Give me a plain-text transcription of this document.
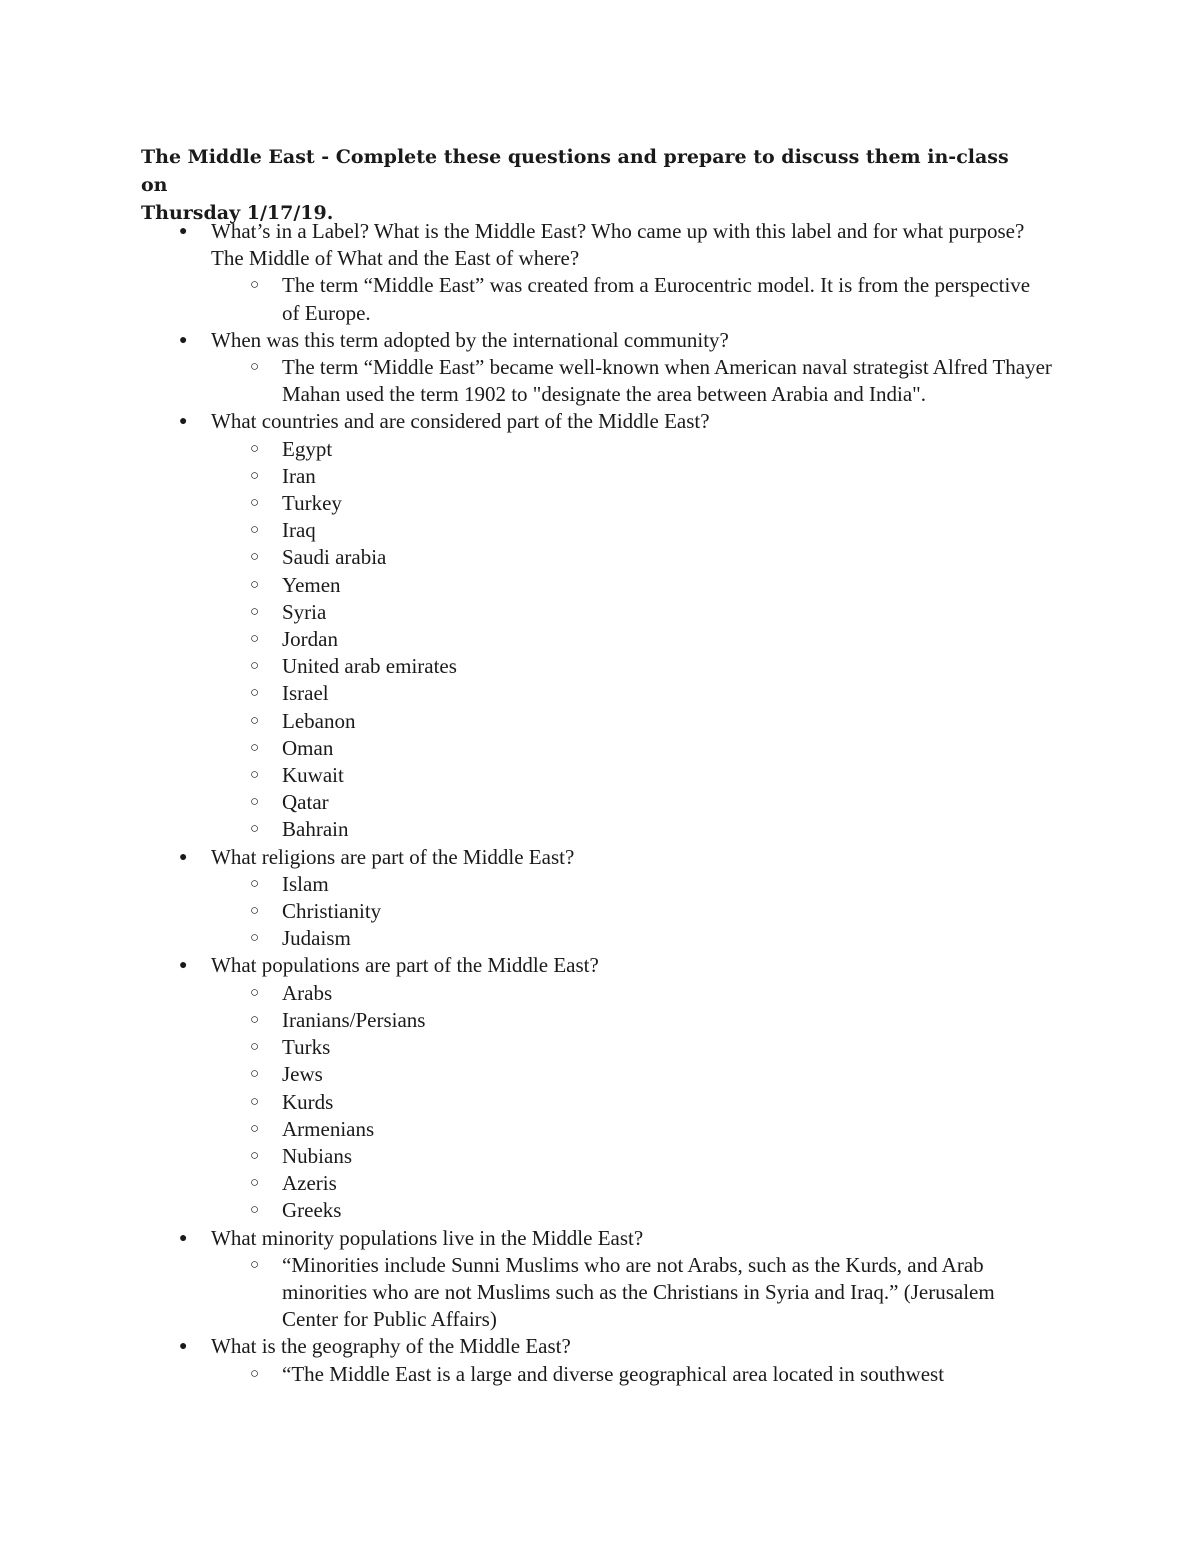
The Middle East - Complete these questions and prepare to discuss them in-class on
Thursday 1/17/19.

● What’s in a Label? What is the Middle East? Who came up with this label and for what purpose? The Middle of What and the East of where?
○ The term “Middle East” was created from a Eurocentric model. It is from the perspective of Europe.
● When was this term adopted by the international community?
○ The term “Middle East” became well-known when American naval strategist Alfred Thayer Mahan used the term 1902 to "designate the area between Arabia and India".
● What countries and are considered part of the Middle East?
○ Egypt
○ Iran
○ Turkey
○ Iraq
○ Saudi arabia
○ Yemen
○ Syria
○ Jordan
○ United arab emirates
○ Israel
○ Lebanon
○ Oman
○ Kuwait
○ Qatar
○ Bahrain
● What religions are part of the Middle East?
○ Islam
○ Christianity
○ Judaism
● What populations are part of the Middle East?
○ Arabs
○ Iranians/Persians
○ Turks
○ Jews
○ Kurds
○ Armenians
○ Nubians
○ Azeris
○ Greeks
● What minority populations live in the Middle East?
○ “Minorities include Sunni Muslims who are not Arabs, such as the Kurds, and Arab minorities who are not Muslims such as the Christians in Syria and Iraq.” (Jerusalem Center for Public Affairs)
● What is the geography of the Middle East?
○ “The Middle East is a large and diverse geographical area located in southwest
